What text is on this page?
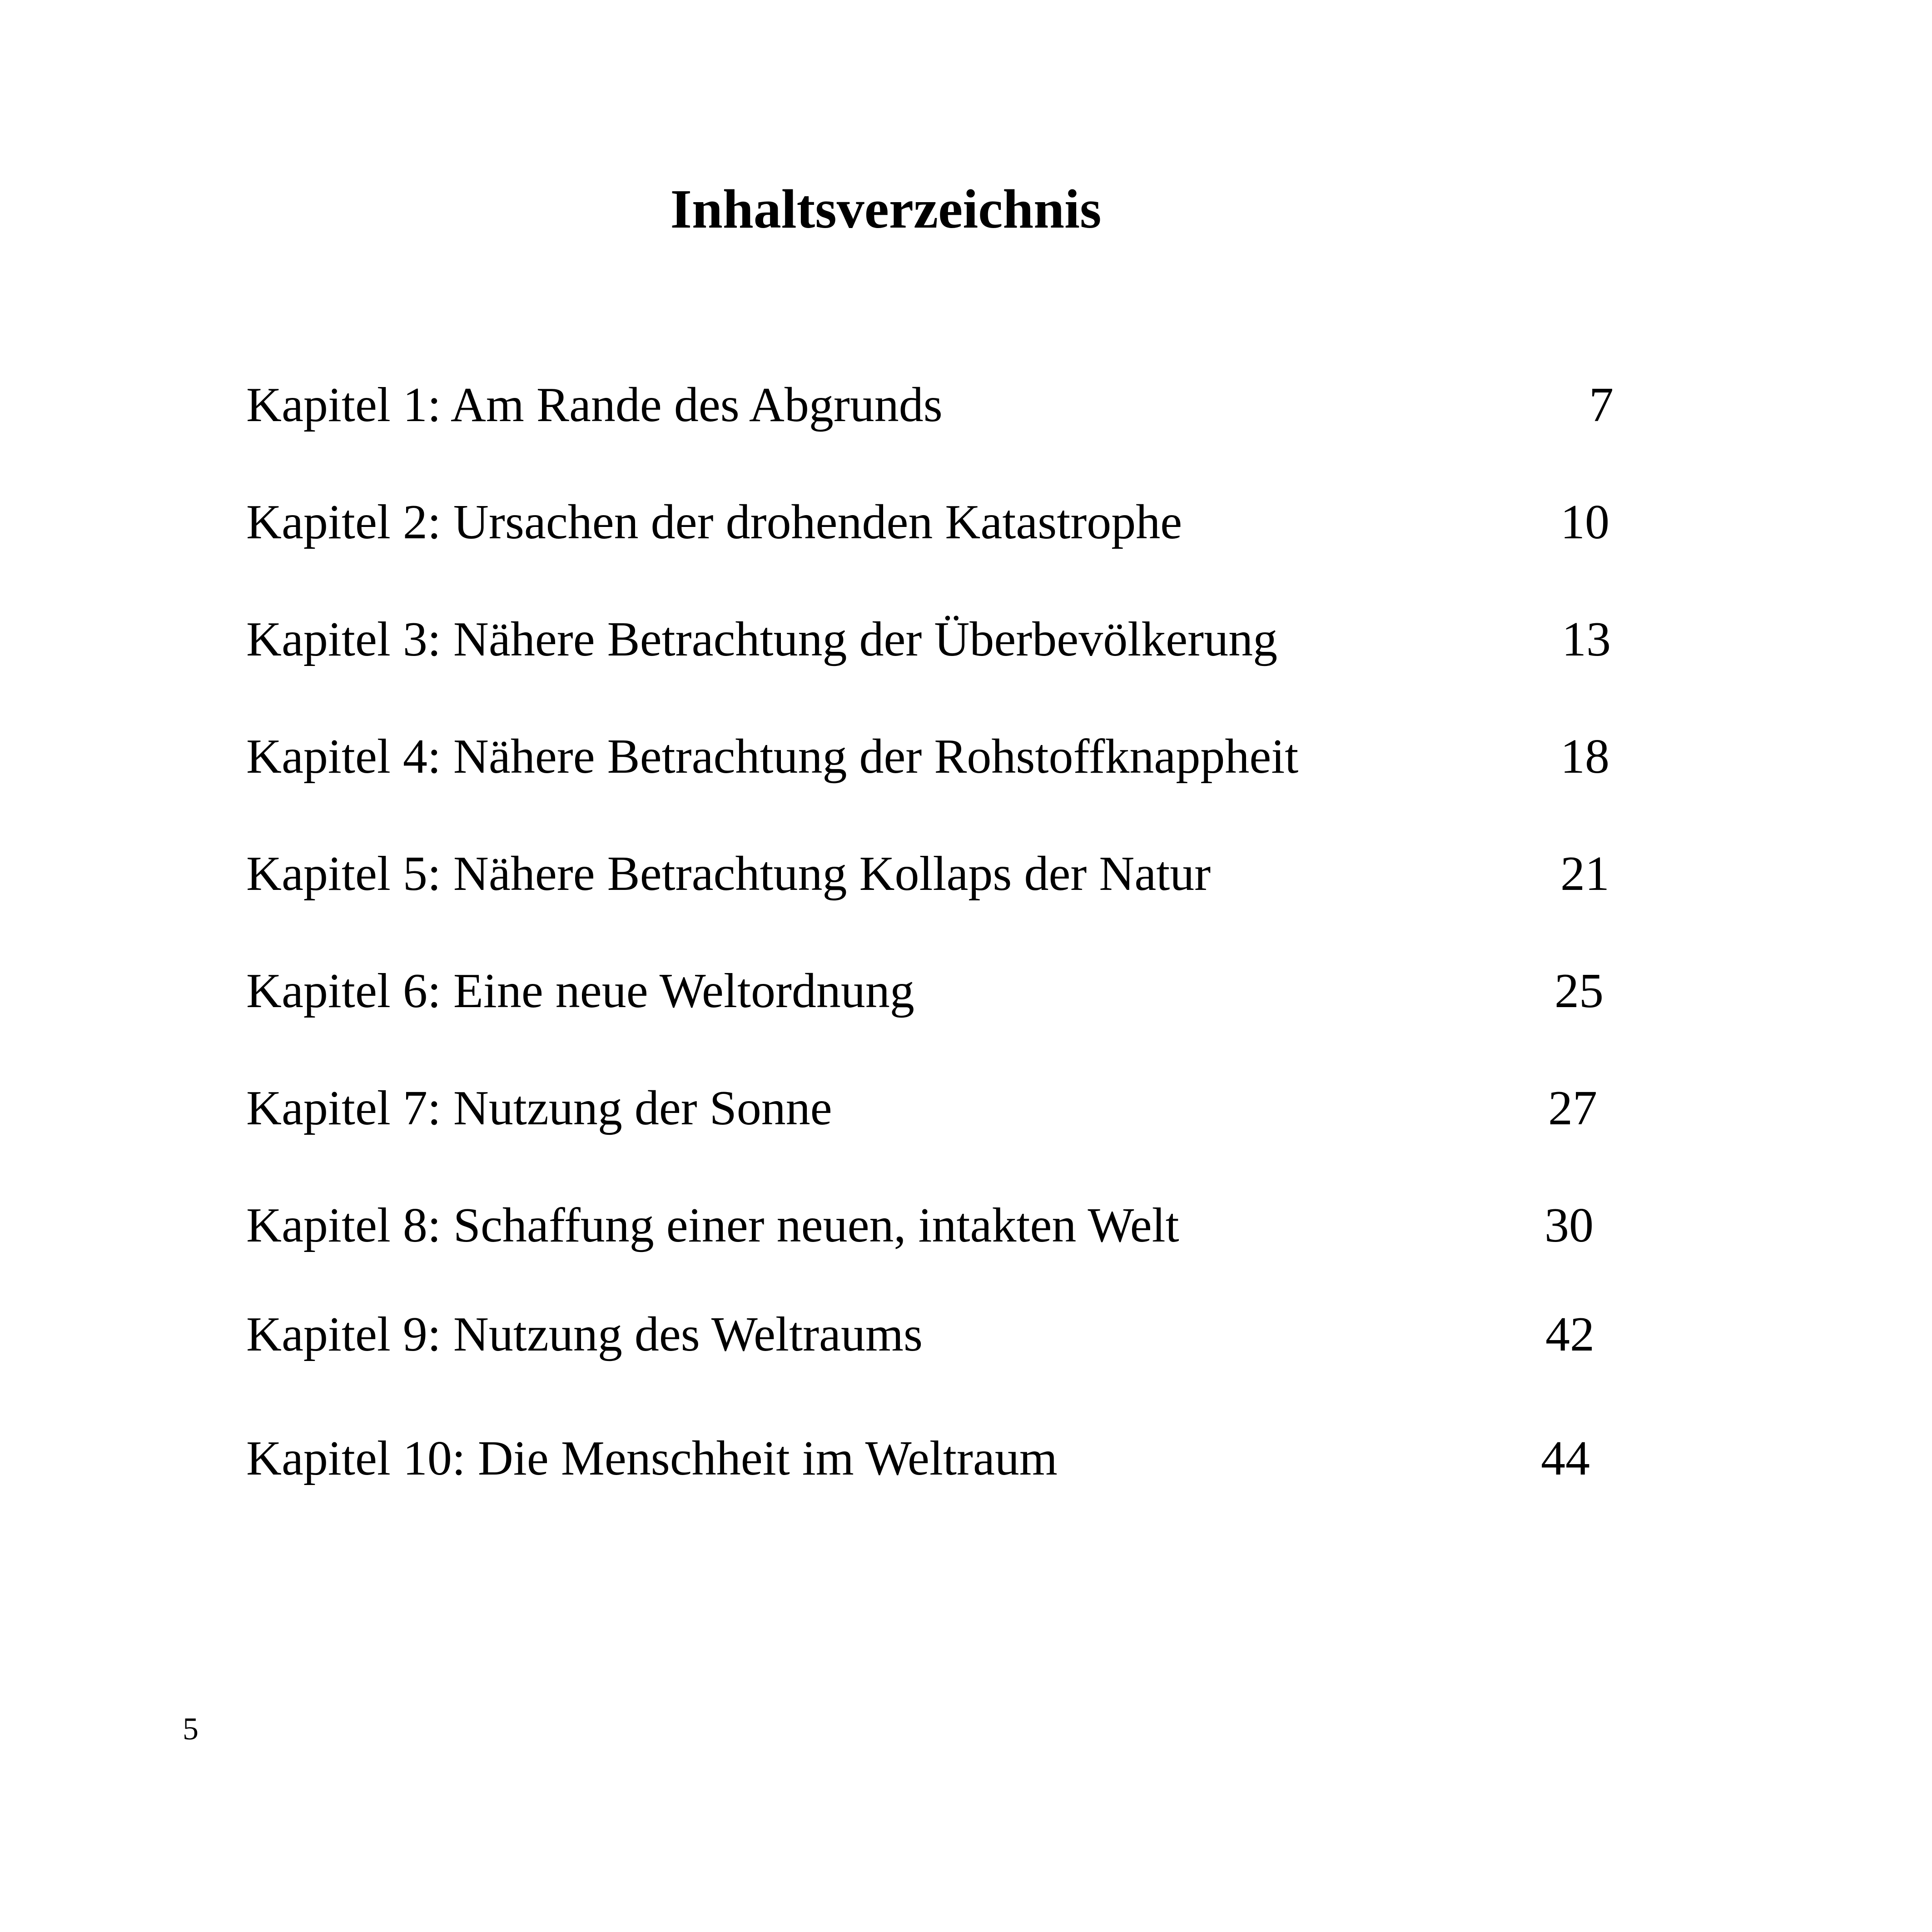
Inhaltsverzeichnis
Kapitel 1: Am Rande des Abgrunds	7
Kapitel 2: Ursachen der drohenden Katastrophe	10
Kapitel 3: Nähere Betrachtung der Überbevölkerung	13
Kapitel 4: Nähere Betrachtung der Rohstoffknappheit	18
Kapitel 5: Nähere Betrachtung Kollaps der Natur	21
Kapitel 6: Eine neue Weltordnung	25
Kapitel 7: Nutzung der Sonne	27
Kapitel 8: Schaffung einer neuen, intakten Welt	30
Kapitel 9: Nutzung des Weltraums	42
Kapitel 10: Die Menschheit im Weltraum	44
5
